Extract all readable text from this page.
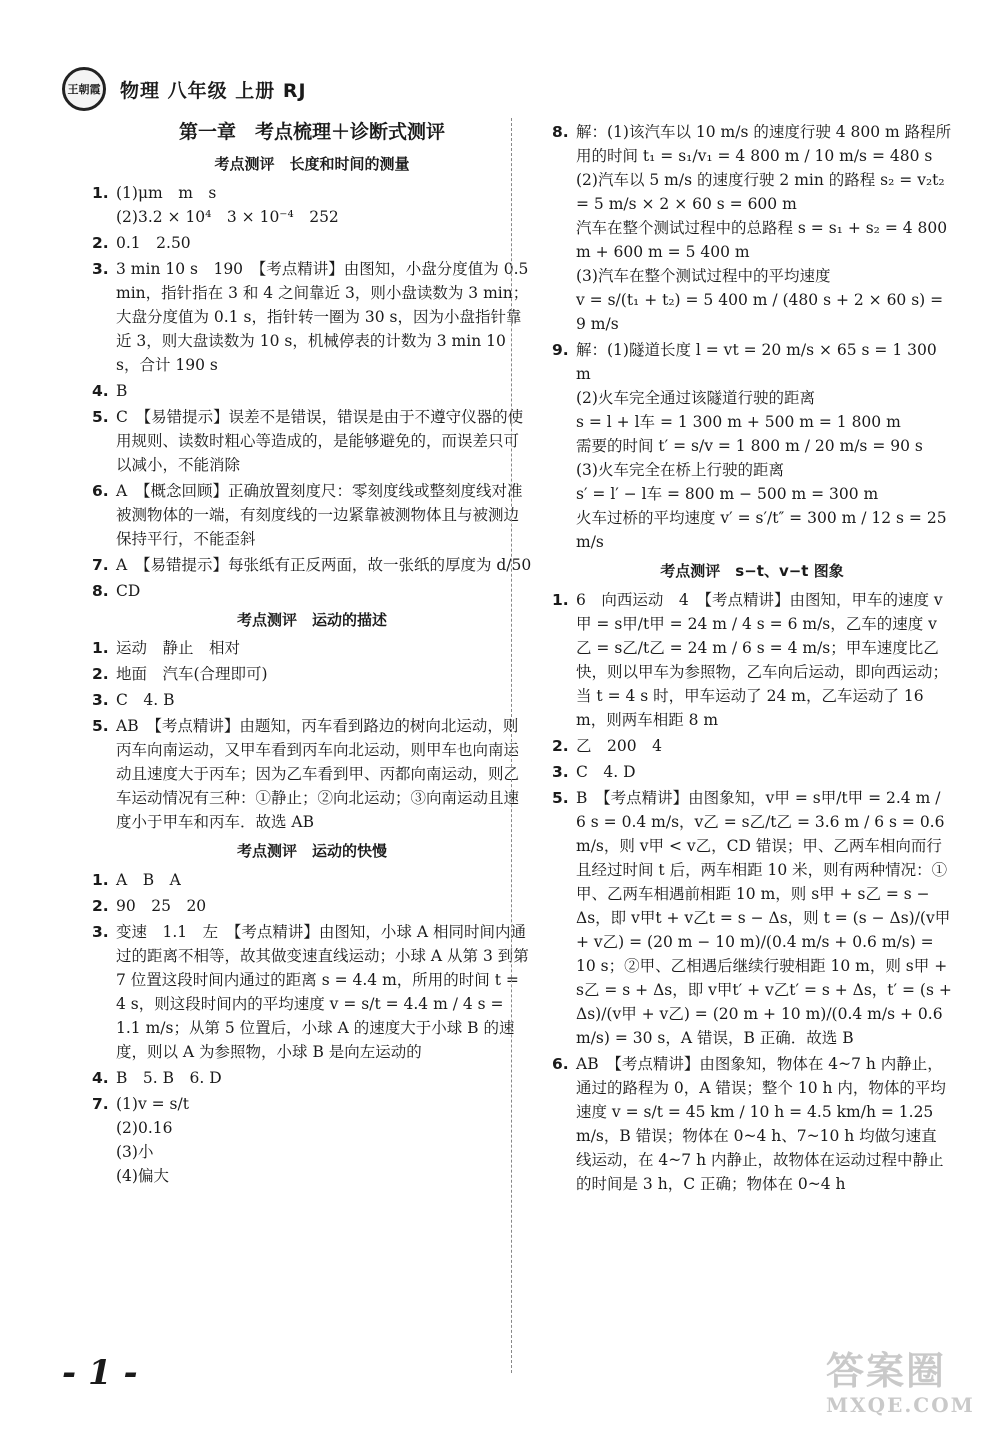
王朝霞 物理 八年级 上册 RJ
第一章　考点梳理＋诊断式测评
考点测评　长度和时间的测量
1. (1)μm　m　s
(2)3.2 × 10⁴　3 × 10⁻⁴　252
2. 0.1　2.50
3. 3 min 10 s　190　【考点精讲】由图知，小盘分度值为 0.5 min，指针指在 3 和 4 之间靠近 3，则小盘读数为 3 min；大盘分度值为 0.1 s，指针转一圈为 30 s，因为小盘指针靠近 3，则大盘读数为 10 s，机械停表的计数为 3 min 10 s，合计 190 s
4. B
5. C　【易错提示】误差不是错误，错误是由于不遵守仪器的使用规则、读数时粗心等造成的，是能够避免的，而误差只可以减小，不能消除
6. A　【概念回顾】正确放置刻度尺：零刻度线或整刻度线对准被测物体的一端，有刻度线的一边紧靠被测物体且与被测边保持平行，不能歪斜
7. A　【易错提示】每张纸有正反两面，故一张纸的厚度为 d/50
8. CD
考点测评　运动的描述
1. 运动　静止　相对
2. 地面　汽车(合理即可)
3. C　4. B
5. AB　【考点精讲】由题知，丙车看到路边的树向北运动，则丙车向南运动，又甲车看到丙车向北运动，则甲车也向南运动且速度大于丙车；因为乙车看到甲、丙都向南运动，则乙车运动情况有三种：①静止；②向北运动；③向南运动且速度小于甲车和丙车．故选 AB
考点测评　运动的快慢
1. A　B　A
2. 90　25　20
3. 变速　1.1　左　【考点精讲】由图知，小球 A 相同时间内通过的距离不相等，故其做变速直线运动；小球 A 从第 3 到第 7 位置这段时间内通过的距离 s = 4.4 m，所用的时间 t = 4 s，则这段时间内的平均速度 v = s/t = 4.4 m / 4 s = 1.1 m/s；从第 5 位置后，小球 A 的速度大于小球 B 的速度，则以 A 为参照物，小球 B 是向左运动的
4. B　5. B　6. D
7. (1)v = s/t
(2)0.16
(3)小
(4)偏大
8. 解：(1)该汽车以 10 m/s 的速度行驶 4 800 m 路程所用的时间 t₁ = s₁/v₁ = 4 800 m / 10 m/s = 480 s
(2)汽车以 5 m/s 的速度行驶 2 min 的路程 s₂ = v₂t₂ = 5 m/s × 2 × 60 s = 600 m
汽车在整个测试过程中的总路程 s = s₁ + s₂ = 4 800 m + 600 m = 5 400 m
(3)汽车在整个测试过程中的平均速度
v = s/(t₁ + t₂) = 5 400 m / (480 s + 2 × 60 s) = 9 m/s
9. 解：(1)隧道长度 l = vt = 20 m/s × 65 s = 1 300 m
(2)火车完全通过该隧道行驶的距离
s = l + l车 = 1 300 m + 500 m = 1 800 m
需要的时间 t′ = s/v = 1 800 m / 20 m/s = 90 s
(3)火车完全在桥上行驶的距离
s′ = l′ − l车 = 800 m − 500 m = 300 m
火车过桥的平均速度 v′ = s′/t″ = 300 m / 12 s = 25 m/s
考点测评　s−t、v−t 图象
1. 6　向西运动　4　【考点精讲】由图知，甲车的速度 v甲 = s甲/t甲 = 24 m / 4 s = 6 m/s，乙车的速度 v乙 = s乙/t乙 = 24 m / 6 s = 4 m/s；甲车速度比乙快，则以甲车为参照物，乙车向后运动，即向西运动；当 t = 4 s 时，甲车运动了 24 m，乙车运动了 16 m，则两车相距 8 m
2. 乙　200　4
3. C　4. D
5. B　【考点精讲】由图象知，v甲 = s甲/t甲 = 2.4 m / 6 s = 0.4 m/s，v乙 = s乙/t乙 = 3.6 m / 6 s = 0.6 m/s，则 v甲 < v乙，CD 错误；甲、乙两车相向而行且经过时间 t 后，两车相距 10 米，则有两种情况：①甲、乙两车相遇前相距 10 m，则 s甲 + s乙 = s − Δs，即 v甲t + v乙t = s − Δs，则 t = (s − Δs)/(v甲 + v乙) = (20 m − 10 m)/(0.4 m/s + 0.6 m/s) = 10 s；②甲、乙相遇后继续行驶相距 10 m，则 s甲 + s乙 = s + Δs，即 v甲t′ + v乙t′ = s + Δs，t′ = (s + Δs)/(v甲 + v乙) = (20 m + 10 m)/(0.4 m/s + 0.6 m/s) = 30 s，A 错误，B 正确．故选 B
6. AB　【考点精讲】由图象知，物体在 4~7 h 内静止，通过的路程为 0，A 错误；整个 10 h 内，物体的平均速度 v = s/t = 45 km / 10 h = 4.5 km/h = 1.25 m/s，B 错误；物体在 0~4 h、7~10 h 均做匀速直线运动，在 4~7 h 内静止，故物体在运动过程中静止的时间是 3 h，C 正确；物体在 0~4 h
- 1 -	答案圈
MXQE.COM
